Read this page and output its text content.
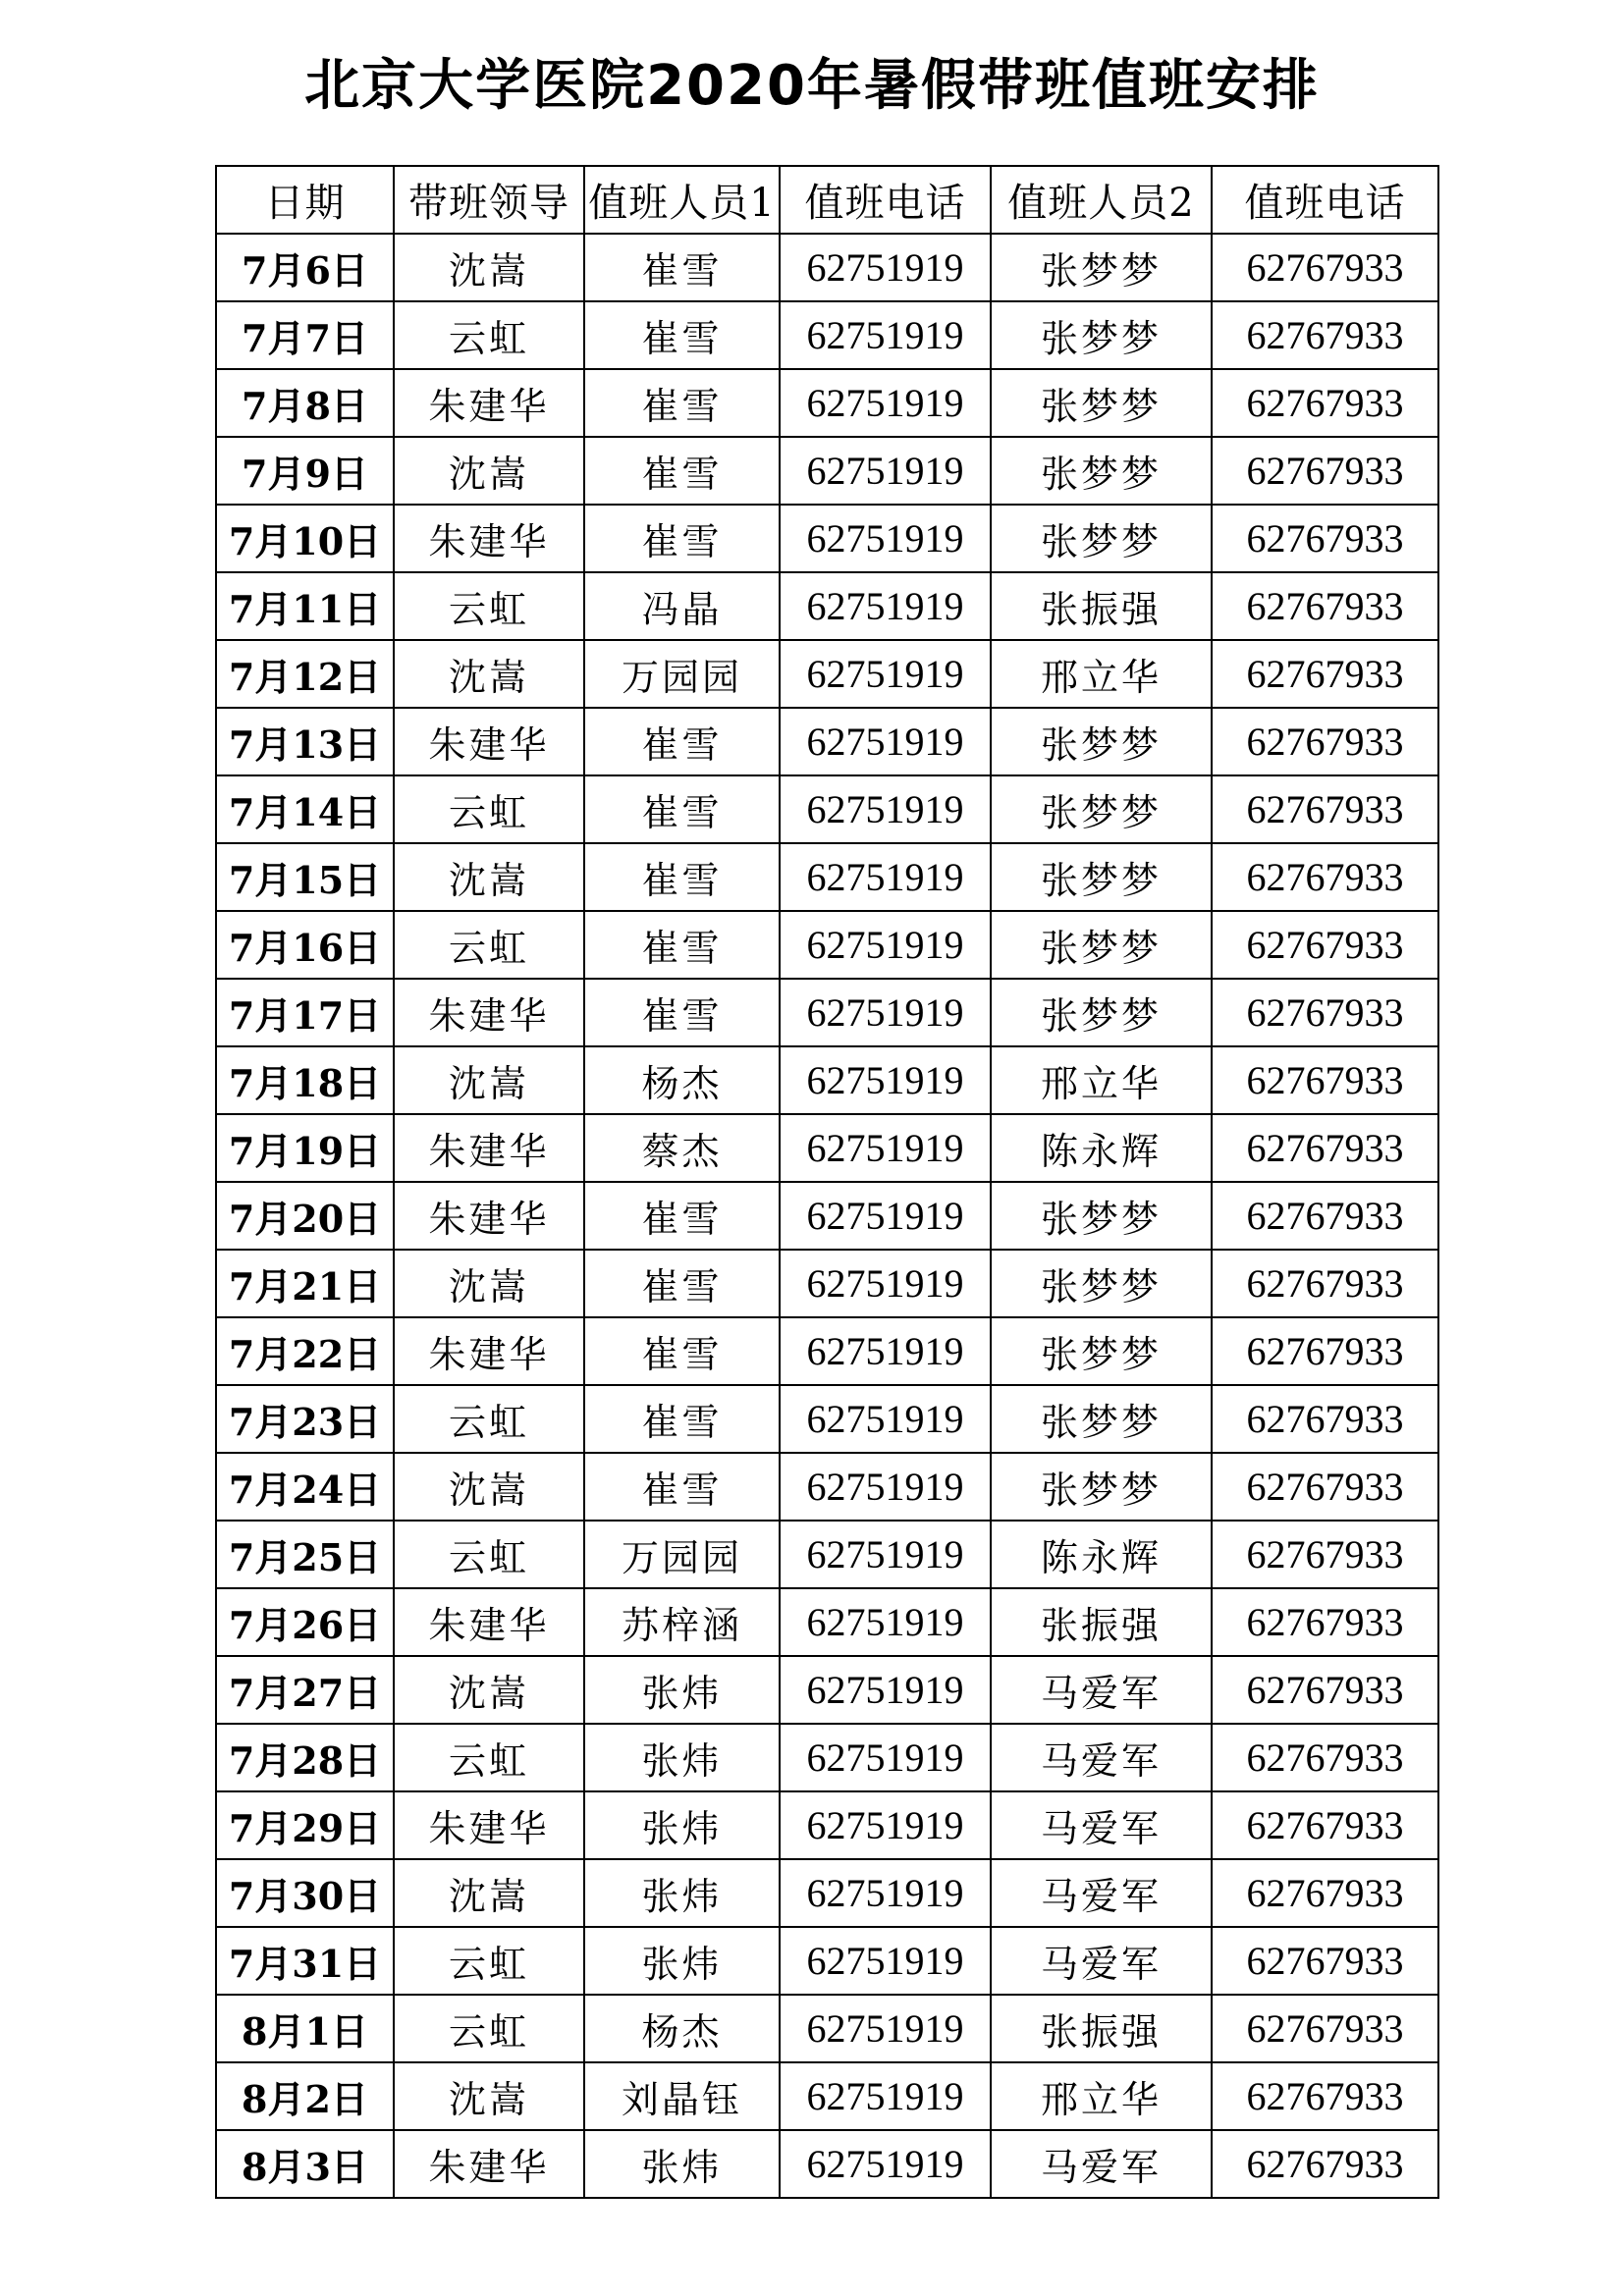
北京大学医院2020年暑假带班值班安排
日期	带班领导	值班人员1	值班电话	值班人员2	值班电话
7月6日	沈嵩	崔雪	62751919	张梦梦	62767933
7月7日	云虹	崔雪	62751919	张梦梦	62767933
7月8日	朱建华	崔雪	62751919	张梦梦	62767933
7月9日	沈嵩	崔雪	62751919	张梦梦	62767933
7月10日	朱建华	崔雪	62751919	张梦梦	62767933
7月11日	云虹	冯晶	62751919	张振强	62767933
7月12日	沈嵩	万园园	62751919	邢立华	62767933
7月13日	朱建华	崔雪	62751919	张梦梦	62767933
7月14日	云虹	崔雪	62751919	张梦梦	62767933
7月15日	沈嵩	崔雪	62751919	张梦梦	62767933
7月16日	云虹	崔雪	62751919	张梦梦	62767933
7月17日	朱建华	崔雪	62751919	张梦梦	62767933
7月18日	沈嵩	杨杰	62751919	邢立华	62767933
7月19日	朱建华	蔡杰	62751919	陈永辉	62767933
7月20日	朱建华	崔雪	62751919	张梦梦	62767933
7月21日	沈嵩	崔雪	62751919	张梦梦	62767933
7月22日	朱建华	崔雪	62751919	张梦梦	62767933
7月23日	云虹	崔雪	62751919	张梦梦	62767933
7月24日	沈嵩	崔雪	62751919	张梦梦	62767933
7月25日	云虹	万园园	62751919	陈永辉	62767933
7月26日	朱建华	苏梓涵	62751919	张振强	62767933
7月27日	沈嵩	张炜	62751919	马爱军	62767933
7月28日	云虹	张炜	62751919	马爱军	62767933
7月29日	朱建华	张炜	62751919	马爱军	62767933
7月30日	沈嵩	张炜	62751919	马爱军	62767933
7月31日	云虹	张炜	62751919	马爱军	62767933
8月1日	云虹	杨杰	62751919	张振强	62767933
8月2日	沈嵩	刘晶钰	62751919	邢立华	62767933
8月3日	朱建华	张炜	62751919	马爱军	62767933
